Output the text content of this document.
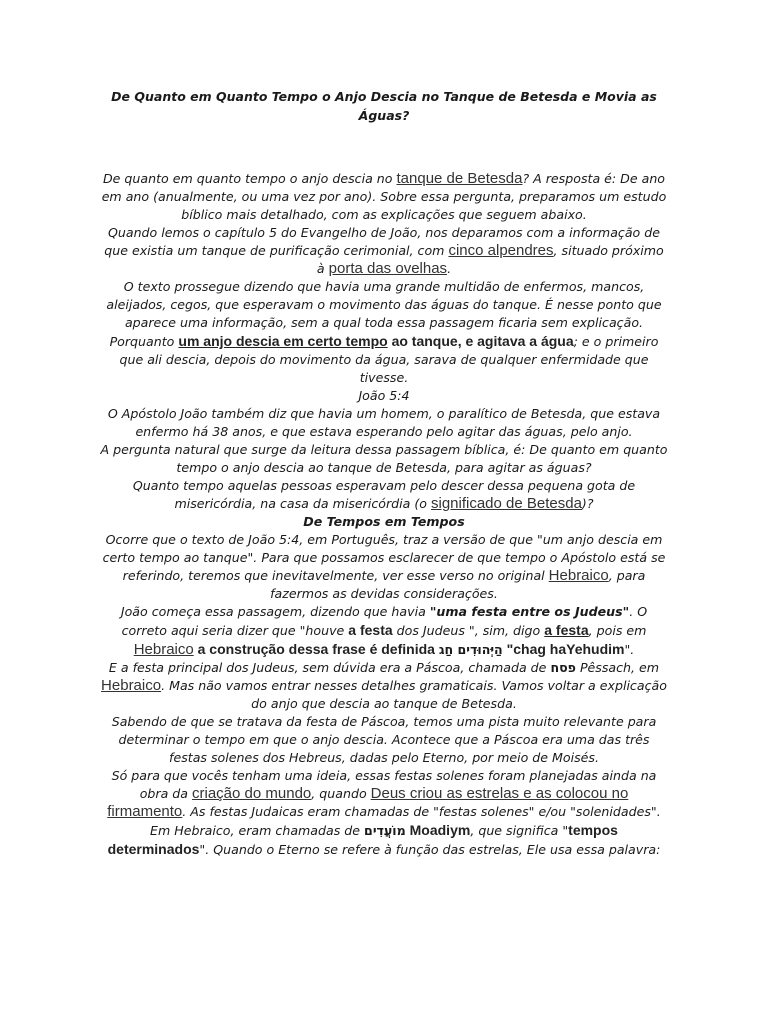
De Quanto em Quanto Tempo o Anjo Descia no Tanque de Betesda e Movia as Águas?

De quanto em quanto tempo o anjo descia no tanque de Betesda? A resposta é: De ano em ano (anualmente, ou uma vez por ano). Sobre essa pergunta, preparamos um estudo bíblico mais detalhado, com as explicações que seguem abaixo.

Quando lemos o capítulo 5 do Evangelho de João, nos deparamos com a informação de que existia um tanque de purificação cerimonial, com cinco alpendres, situado próximo à porta das ovelhas.

O texto prossegue dizendo que havia uma grande multidão de enfermos, mancos, aleijados, cegos, que esperavam o movimento das águas do tanque. É nesse ponto que aparece uma informação, sem a qual toda essa passagem ficaria sem explicação. Porquanto um anjo descia em certo tempo ao tanque, e agitava a água; e o primeiro que ali descia, depois do movimento da água, sarava de qualquer enfermidade que tivesse.

João 5:4

O Apóstolo João também diz que havia um homem, o paralítico de Betesda, que estava enfermo há 38 anos, e que estava esperando pelo agitar das águas, pelo anjo.

A pergunta natural que surge da leitura dessa passagem bíblica, é: De quanto em quanto tempo o anjo descia ao tanque de Betesda, para agitar as águas?

Quanto tempo aquelas pessoas esperavam pelo descer dessa pequena gota de misericórdia, na casa da misericórdia (o significado de Betesda)?

De Tempos em Tempos

Ocorre que o texto de João 5:4, em Português, traz a versão de que "um anjo descia em certo tempo ao tanque". Para que possamos esclarecer de que tempo o Apóstolo está se referindo, teremos que inevitavelmente, ver esse verso no original Hebraico, para fazermos as devidas considerações.

João começa essa passagem, dizendo que havia "uma festa entre os Judeus". O correto aqui seria dizer que "houve a festa dos Judeus ", sim, digo a festa, pois em Hebraico a construção dessa frase é definida הַיְּהוּדִים חַג "chag haYehudim".

E a festa principal dos Judeus, sem dúvida era a Páscoa, chamada de פסח Pêssach, em Hebraico. Mas não vamos entrar nesses detalhes gramaticais. Vamos voltar a explicação do anjo que descia ao tanque de Betesda.

Sabendo de que se tratava da festa de Páscoa, temos uma pista muito relevante para determinar o tempo em que o anjo descia. Acontece que a Páscoa era uma das três festas solenes dos Hebreus, dadas pelo Eterno, por meio de Moisés.

Só para que vocês tenham uma ideia, essas festas solenes foram planejadas ainda na obra da criação do mundo, quando Deus criou as estrelas e as colocou no firmamento. As festas Judaicas eram chamadas de "festas solenes" e/ou "solenidades".

Em Hebraico, eram chamadas de מוֹעֲדִים Moadiym, que significa "tempos determinados". Quando o Eterno se refere à função das estrelas, Ele usa essa palavra:
